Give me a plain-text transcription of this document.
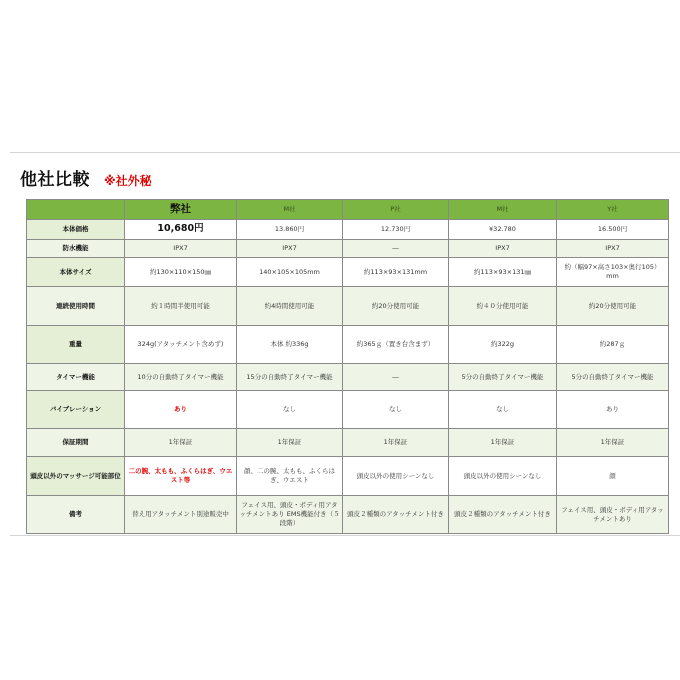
他社比較 ※社外秘
	弊社	M社	P社	M社	Y社
本体価格	10,680円	13.860円	12.730円	¥32.780	16.500円
防水機能	IPX7	IPX7	―	IPX7	IPX7
本体サイズ	約130×110×150㎜	140×105×105mm	約113×93×131mm	約113×93×131㎜	約（幅97×高さ103×奥行105）mm
連続使用時間	約１時間半使用可能	約4時間使用可能	約20分使用可能	約４０分使用可能	約20分使用可能
重量	324g(アタッチメント含めず)	本体 約336g	約365ｇ（置き台含まず）	約322g	約287ｇ
タイマー機能	10分の自動終了タイマー機能	15分の自動終了タイマー機能	―	5分の自動終了タイマー機能	5分の自動終了タイマー機能
バイブレーション	あり	なし	なし	なし	あり
保証期間	1年保証	1年保証	1年保証	1年保証	1年保証
頭皮以外のマッサージ可能部位	二の腕、太もも、ふくらはぎ、ウエスト等	顔、二の腕、太もも、ふくらはぎ、ウエスト	頭皮以外の使用シーンなし	頭皮以外の使用シーンなし	顔
備考	替え用アタッチメント別途販売中	フェイス用、頭皮・ボディ用アタッチメントあり EMS機能付き（５段階）	頭皮２種類のアタッチメント付き	頭皮２種類のアタッチメント付き	フェイス用、頭皮・ボディ用アタッチメントあり
